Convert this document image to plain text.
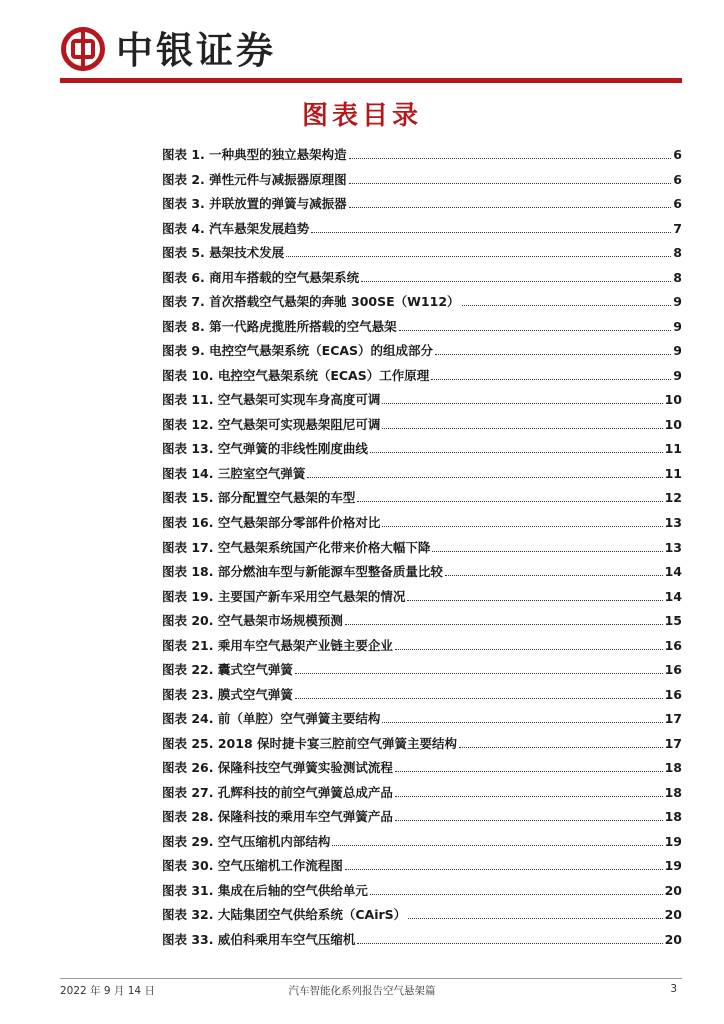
中银证券
图表目录
图表 1. 一种典型的独立悬架构造	6
图表 2. 弹性元件与减振器原理图	6
图表 3. 并联放置的弹簧与减振器	6
图表 4. 汽车悬架发展趋势	7
图表 5. 悬架技术发展	8
图表 6. 商用车搭载的空气悬架系统	8
图表 7. 首次搭载空气悬架的奔驰 300SE（W112）	9
图表 8. 第一代路虎揽胜所搭载的空气悬架	9
图表 9. 电控空气悬架系统（ECAS）的组成部分	9
图表 10. 电控空气悬架系统（ECAS）工作原理	9
图表 11. 空气悬架可实现车身高度可调	10
图表 12. 空气悬架可实现悬架阻尼可调	10
图表 13. 空气弹簧的非线性刚度曲线	11
图表 14. 三腔室空气弹簧	11
图表 15. 部分配置空气悬架的车型	12
图表 16. 空气悬架部分零部件价格对比	13
图表 17. 空气悬架系统国产化带来价格大幅下降	13
图表 18. 部分燃油车型与新能源车型整备质量比较	14
图表 19. 主要国产新车采用空气悬架的情况	14
图表 20. 空气悬架市场规模预测	15
图表 21. 乘用车空气悬架产业链主要企业	16
图表 22. 囊式空气弹簧	16
图表 23. 膜式空气弹簧	16
图表 24. 前（单腔）空气弹簧主要结构	17
图表 25. 2018 保时捷卡宴三腔前空气弹簧主要结构	17
图表 26. 保隆科技空气弹簧实验测试流程	18
图表 27. 孔辉科技的前空气弹簧总成产品	18
图表 28. 保隆科技的乘用车空气弹簧产品	18
图表 29. 空气压缩机内部结构	19
图表 30. 空气压缩机工作流程图	19
图表 31. 集成在后轴的空气供给单元	20
图表 32. 大陆集团空气供给系统（CAirS）	20
图表 33. 威伯科乘用车空气压缩机	20
2022 年 9 月 14 日	汽车智能化系列报告空气悬架篇	3
